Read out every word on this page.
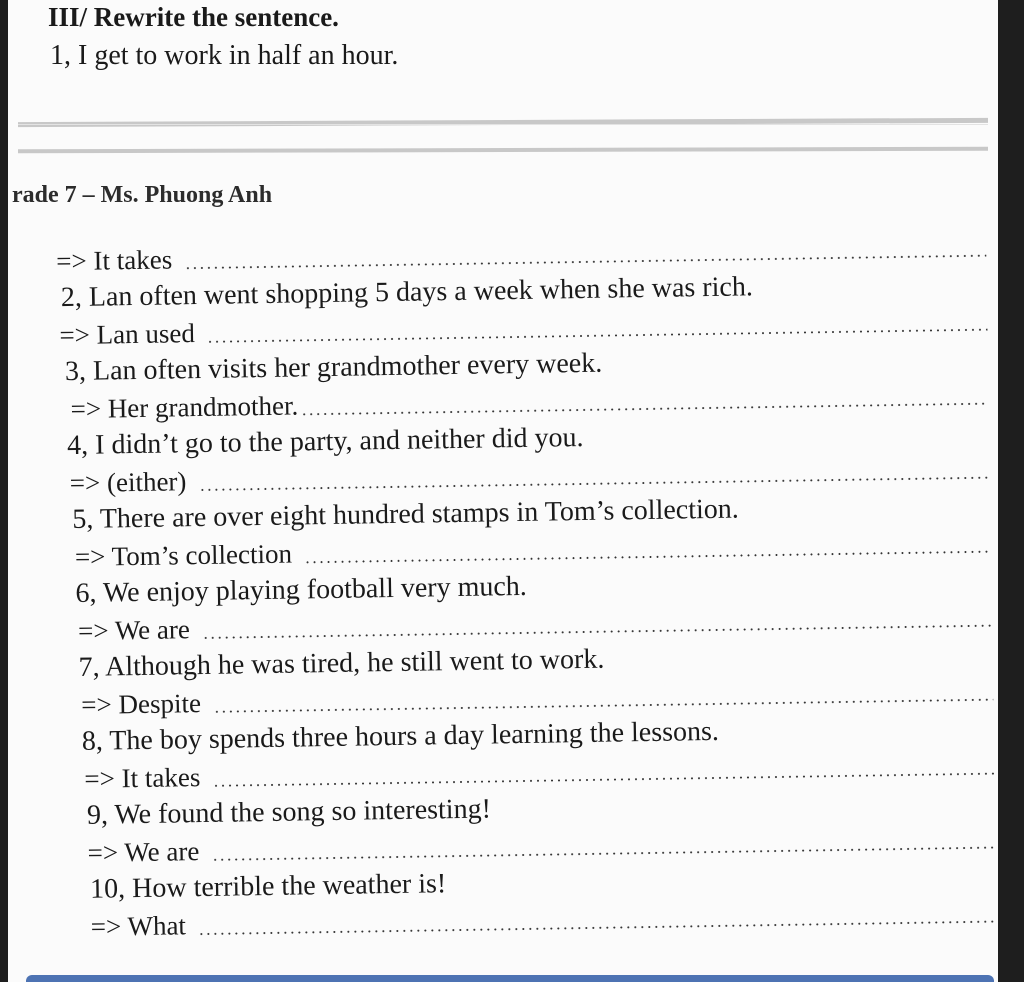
III/ Rewrite the sentence.
1, I get to work in half an hour.
rade 7 – Ms. Phuong Anh
=> It takes
2, Lan often went shopping 5 days a week when she was rich.
=> Lan used
3, Lan often visits her grandmother every week.
=> Her grandmother.
4, I didn’t go to the party, and neither did you.
=> (either)
5, There are over eight hundred stamps in Tom’s collection.
=> Tom’s collection
6, We enjoy playing football very much.
=> We are
7, Although he was tired, he still went to work.
=> Despite
8, The boy spends three hours a day learning the lessons.
=> It takes
9, We found the song so interesting!
=> We are
10, How terrible the weather is!
=> What
